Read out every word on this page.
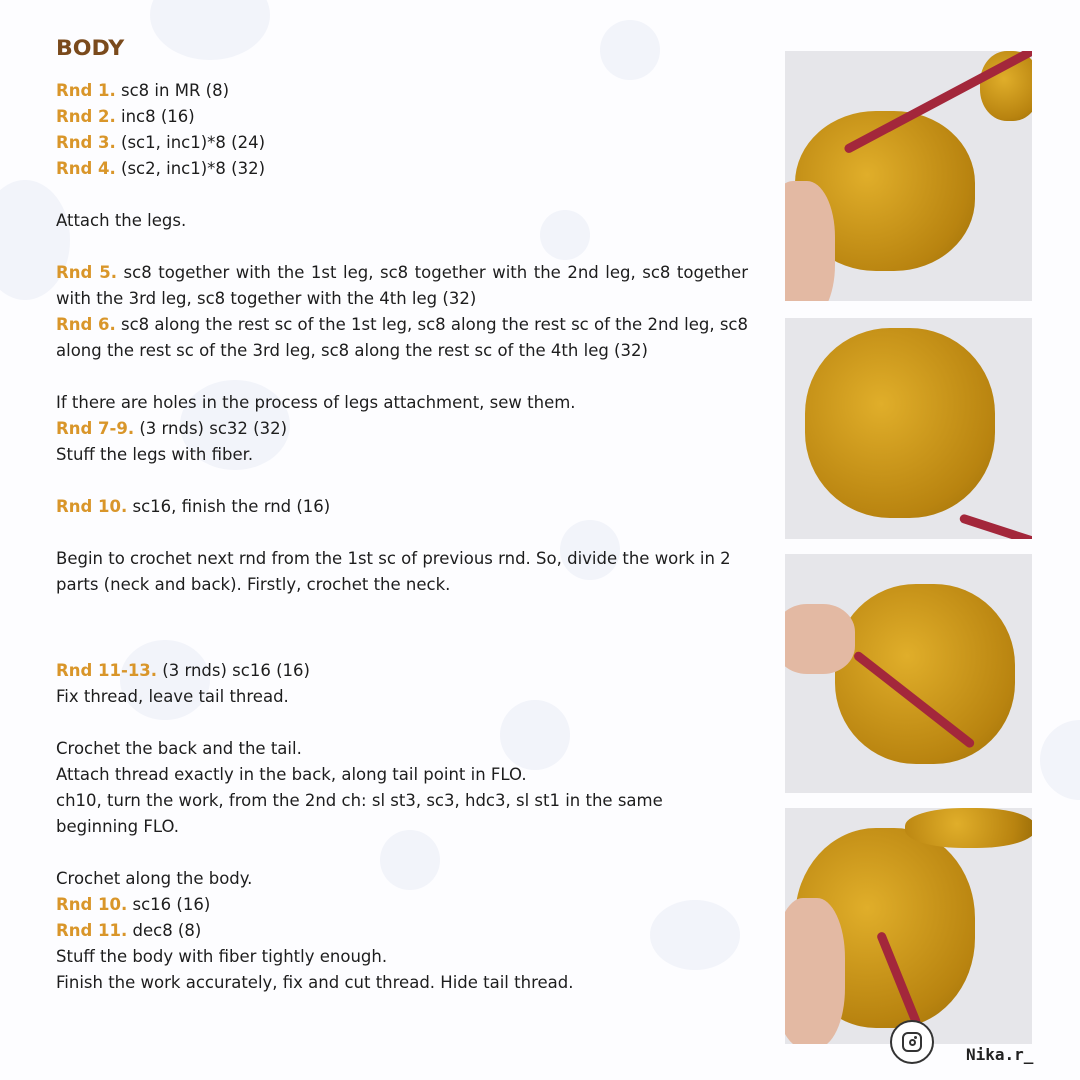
BODY

Rnd 1. sc8 in MR (8)

Rnd 2. inc8 (16)

Rnd 3. (sc1, inc1)*8 (24)

Rnd 4. (sc2, inc1)*8 (32)

Attach the legs.

Rnd 5. sc8 together with the 1st leg, sc8 together with the 2nd leg, sc8 together with the 3rd leg, sc8 together with the 4th leg (32)

Rnd 6. sc8 along the rest sc of the 1st leg, sc8 along the rest sc of the 2nd leg, sc8 along the rest sc of the 3rd leg, sc8 along the rest sc of the 4th leg (32)

If there are holes in the process of legs attachment, sew them.

Rnd 7-9. (3 rnds) sc32 (32)

Stuff the legs with fiber.

Rnd 10. sc16, finish the rnd (16)

Begin to crochet next rnd from the 1st sc of previous rnd. So, divide the work in 2 parts (neck and back). Firstly, crochet the neck.

Rnd 11-13. (3 rnds) sc16 (16)

Fix thread, leave tail thread.

Crochet the back and the tail.

Attach thread exactly in the back, along tail point in FLO.

ch10, turn the work, from the 2nd ch: sl st3, sc3, hdc3, sl st1 in the same beginning FLO.

Crochet along the body.

Rnd 10. sc16 (16)

Rnd 11. dec8 (8)

Stuff the body with fiber tightly enough.

Finish the work accurately, fix and cut thread. Hide tail thread.

Nika.r_
